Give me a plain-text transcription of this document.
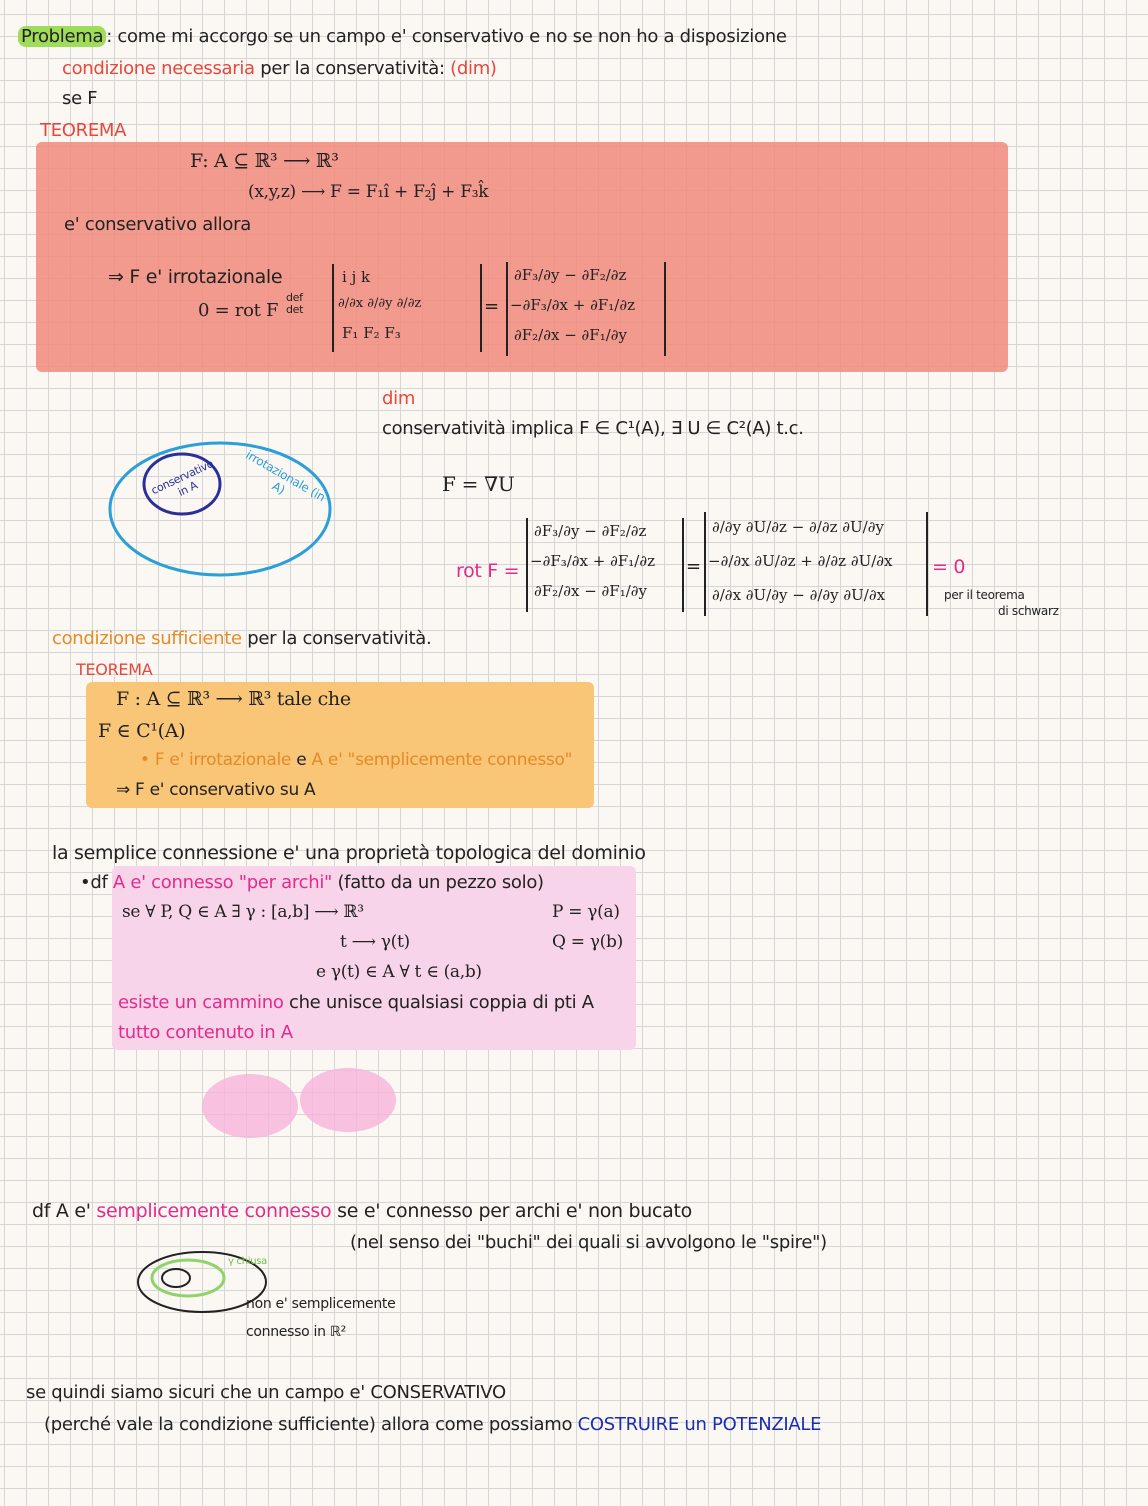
Problema : come mi accorgo se un campo e' conservativo e no se non ho a disposizione
condizione necessaria per la conservatività: (dim)
se F
TEOREMA
F: A ⊆ ℝ³ ⟶ ℝ³
(x,y,z) ⟶ F = F₁î + F₂ĵ + F₃k̂
e' conservativo allora
⇒ F e' irrotazionale
0 = rot F
def det
i j k
∂/∂x ∂/∂y ∂/∂z
F₁ F₂ F₃
=
∂F₃/∂y − ∂F₂/∂z
−∂F₃/∂x + ∂F₁/∂z
∂F₂/∂x − ∂F₁/∂y
dim
conservatività implica F ∈ C¹(A), ∃ U ∈ C²(A) t.c.
F = ∇U
conservativo in A	irrotazionale (in A)
rot F =
∂F₃/∂y − ∂F₂/∂z
−∂F₃/∂x + ∂F₁/∂z
∂F₂/∂x − ∂F₁/∂y
=
∂/∂y ∂U/∂z − ∂/∂z ∂U/∂y
−∂/∂x ∂U/∂z + ∂/∂z ∂U/∂x
∂/∂x ∂U/∂y − ∂/∂y ∂U/∂x
= 0
per il teorema
di schwarz
condizione sufficiente per la conservatività.
TEOREMA
F : A ⊆ ℝ³ ⟶ ℝ³ tale che
F ∈ C¹(A)
• F e' irrotazionale e A e' "semplicemente connesso"
⇒ F e' conservativo su A
la semplice connessione e' una proprietà topologica del dominio
•df A e' connesso "per archi" (fatto da un pezzo solo)
se ∀ P, Q ∈ A ∃ γ : [a,b] ⟶ ℝ³	P = γ(a)
t ⟶ γ(t)	Q = γ(b)
e γ(t) ∈ A ∀ t ∈ (a,b)
esiste un cammino che unisce qualsiasi coppia di pti A
tutto contenuto in A
df A e' semplicemente connesso se e' connesso per archi e' non bucato
(nel senso dei "buchi" dei quali si avvolgono le "spire")
γ chiusa
non e' semplicemente
connesso in ℝ²
se quindi siamo sicuri che un campo e' CONSERVATIVO
(perché vale la condizione sufficiente) allora come possiamo COSTRUIRE un POTENZIALE
